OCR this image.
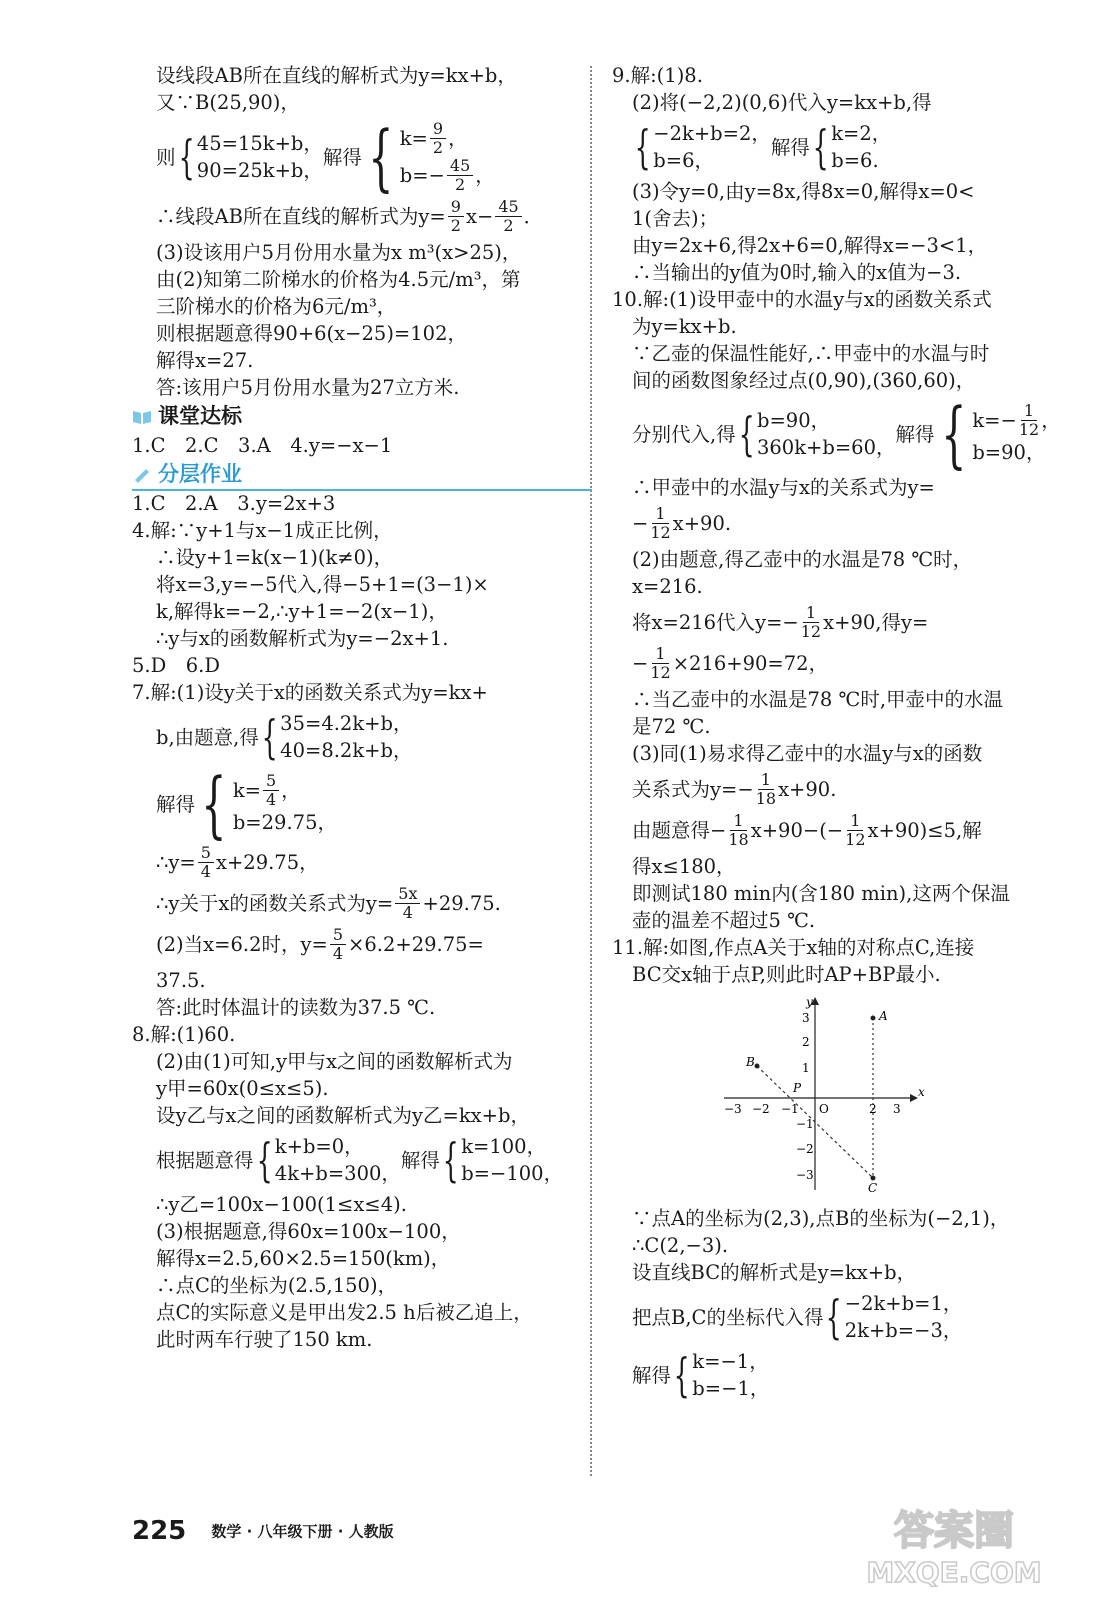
设线段AB所在直线的解析式为y=kx+b，
又∵B(25,90)，
则 { 45=15k+b，
90=25k+b，
解得 { $k= \frac{9}{2}$ ，
$b=- \frac{45}{2}$ ，
∴线段AB所在直线的解析式为$y= \frac{9}{2} x- \frac{45}{2}$ ．
(3)设该用户5月份用水量为x m³(x>25)，
由(2)知第二阶梯水的价格为4.5元/m³，第
三阶梯水的价格为6元/m³，
则根据题意得90+6(x−25)=102，
解得x=27.
答:该用户5月份用水量为27立方米.
课堂达标
1.C　2.C　3.A　4.y=−x−1
分层作业
1.C　2.A　3.y=2x+3
4.解:∵y+1与x−1成正比例，
∴设y+1=k(x−1)(k≠0)，
将x=3,y=−5代入,得−5+1=(3−1)×
k,解得k=−2,∴y+1=−2(x−1)，
∴y与x的函数解析式为y=−2x+1.
5.D　6.D
7.解:(1)设y关于x的函数关系式为y=kx+
b,由题意,得 { 35=4.2k+b，
40=8.2k+b，
解得 { $k= \frac{5}{4}$ ，
b=29.75，
∴y= $\frac{5}{4} x+29.75$，
∴y关于x的函数关系式为$y= \frac{5x}{4} +29.75$.
(2)当x=6.2时，$y= \frac{5}{4} \times 6.2+29.75=$
37.5.
答:此时体温计的读数为37.5 ℃.
8.解:(1)60.
(2)由(1)可知,y甲与x之间的函数解析式为
y甲=60x(0≤x≤5).
设y乙与x之间的函数解析式为y乙=kx+b，
根据题意得 { k+b=0，
4k+b=300，
解得 { k=100，
b=−100，
∴y乙=100x−100(1≤x≤4).
(3)根据题意,得60x=100x−100，
解得x=2.5,60×2.5=150(km)，
∴点C的坐标为(2.5,150)，
点C的实际意义是甲出发2.5 h后被乙追上，
此时两车行驶了150 km.
9.解:(1)8.
(2)将(−2,2)(0,6)代入y=kx+b,得
{ −2k+b=2，
b=6，
解得 { k=2，
b=6.
(3)令y=0,由y=8x,得8x=0,解得x=0<
1(舍去)；
由y=2x+6,得2x+6=0,解得x=−3<1，
∴当输出的y值为0时,输入的x值为−3.
10.解:(1)设甲壶中的水温y与x的函数关系式
为y=kx+b.
∵乙壶的保温性能好,∴甲壶中的水温与时
间的函数图象经过点(0,90),(360,60)，
分别代入,得 { b=90，
360k+b=60，
解得 { $k=- \frac{1}{12}$ ，
b=90，
∴甲壶中的水温y与x的关系式为y=
− $\frac{1}{12} x+90$.
(2)由题意,得乙壶中的水温是78 ℃时，
x=216.
将x=216代入$y=- \frac{1}{12} x+90$,得y=
− $\frac{1}{12} \times 216+90=72$，
∴当乙壶中的水温是78 ℃时,甲壶中的水温
是72 ℃.
(3)同(1)易求得乙壶中的水温y与x的函数
关系式为$y=- \frac{1}{18} x+90$.
由题意得− $\frac{1}{18} x+90-(- \frac{1}{12} x+90)\le 5$,解
得x≤180，
即测试180 min内(含180 min),这两个保温
壶的温差不超过5 ℃.
11.解:如图,作点A关于x轴的对称点C,连接
BC交x轴于点P,则此时AP+BP最小.
x
y
O
A
B
C
P
−3 −2 −1	2 3
3
2
1
−1
−2
−3
∵点A的坐标为(2,3),点B的坐标为(−2,1)，
∴C(2,−3).
设直线BC的解析式是y=kx+b，
把点B,C的坐标代入得 { −2k+b=1，
2k+b=−3，
解得 { k=−1，
b=−1，
225 数学 · 八年级下册 · 人教版	答案圈
MXQE.COM
